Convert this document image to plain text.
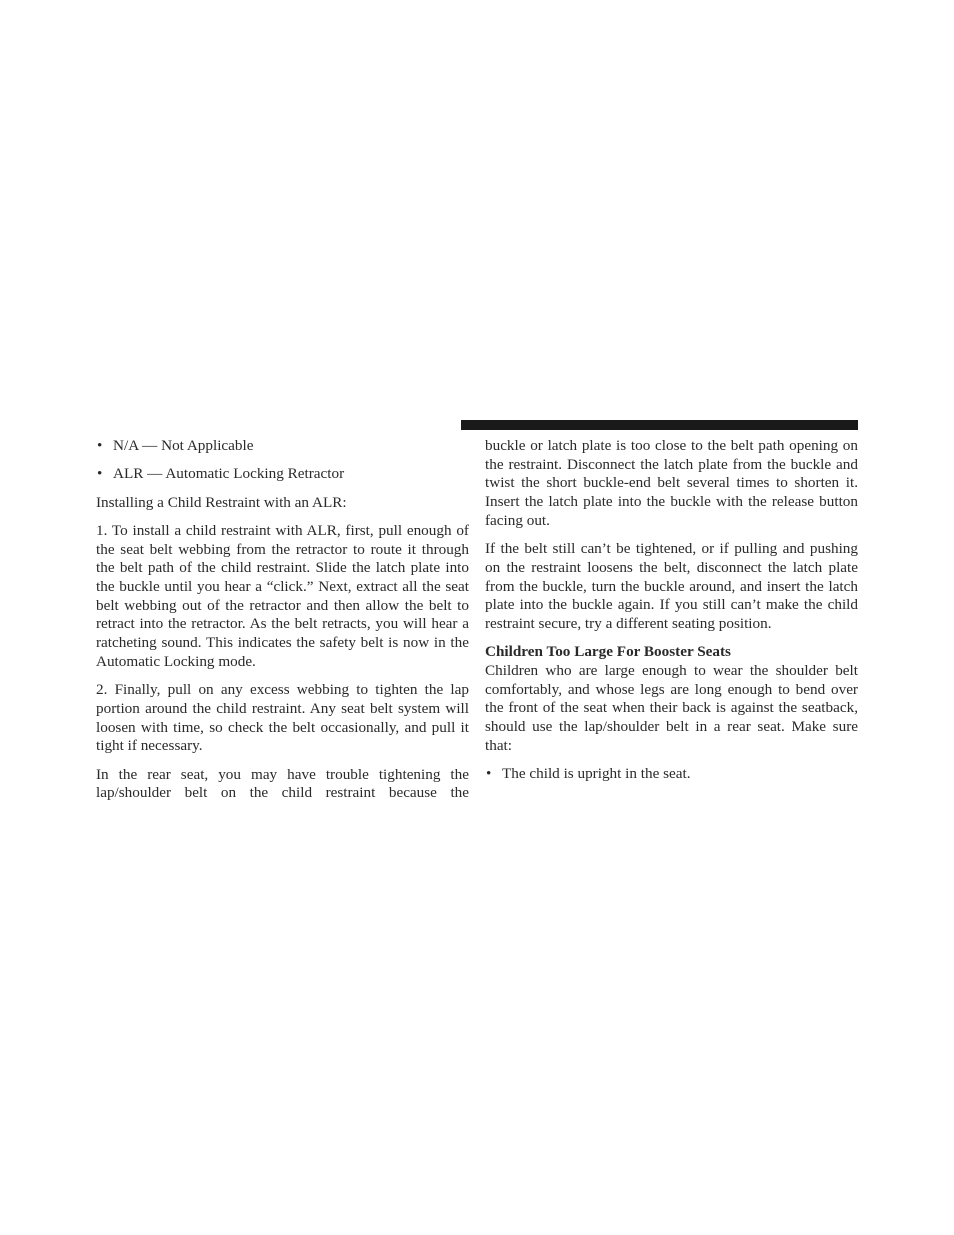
• N/A — Not Applicable
• ALR — Automatic Locking Retractor

Installing a Child Restraint with an ALR:

1. To install a child restraint with ALR, first, pull enough of the seat belt webbing from the retractor to route it through the belt path of the child restraint. Slide the latch plate into the buckle until you hear a “click.” Next, extract all the seat belt webbing out of the retractor and then allow the belt to retract into the retractor. As the belt retracts, you will hear a ratcheting sound. This indicates the safety belt is now in the Automatic Locking mode.

2. Finally, pull on any excess webbing to tighten the lap portion around the child restraint. Any seat belt system will loosen with time, so check the belt occasionally, and pull it tight if necessary.

In the rear seat, you may have trouble tightening the lap/shoulder belt on the child restraint because the

buckle or latch plate is too close to the belt path opening on the restraint. Disconnect the latch plate from the buckle and twist the short buckle-end belt several times to shorten it. Insert the latch plate into the buckle with the release button facing out.

If the belt still can’t be tightened, or if pulling and pushing on the restraint loosens the belt, disconnect the latch plate from the buckle, turn the buckle around, and insert the latch plate into the buckle again. If you still can’t make the child restraint secure, try a different seating position.

Children Too Large For Booster Seats

Children who are large enough to wear the shoulder belt comfortably, and whose legs are long enough to bend over the front of the seat when their back is against the seatback, should use the lap/shoulder belt in a rear seat. Make sure that:

• The child is upright in the seat.
